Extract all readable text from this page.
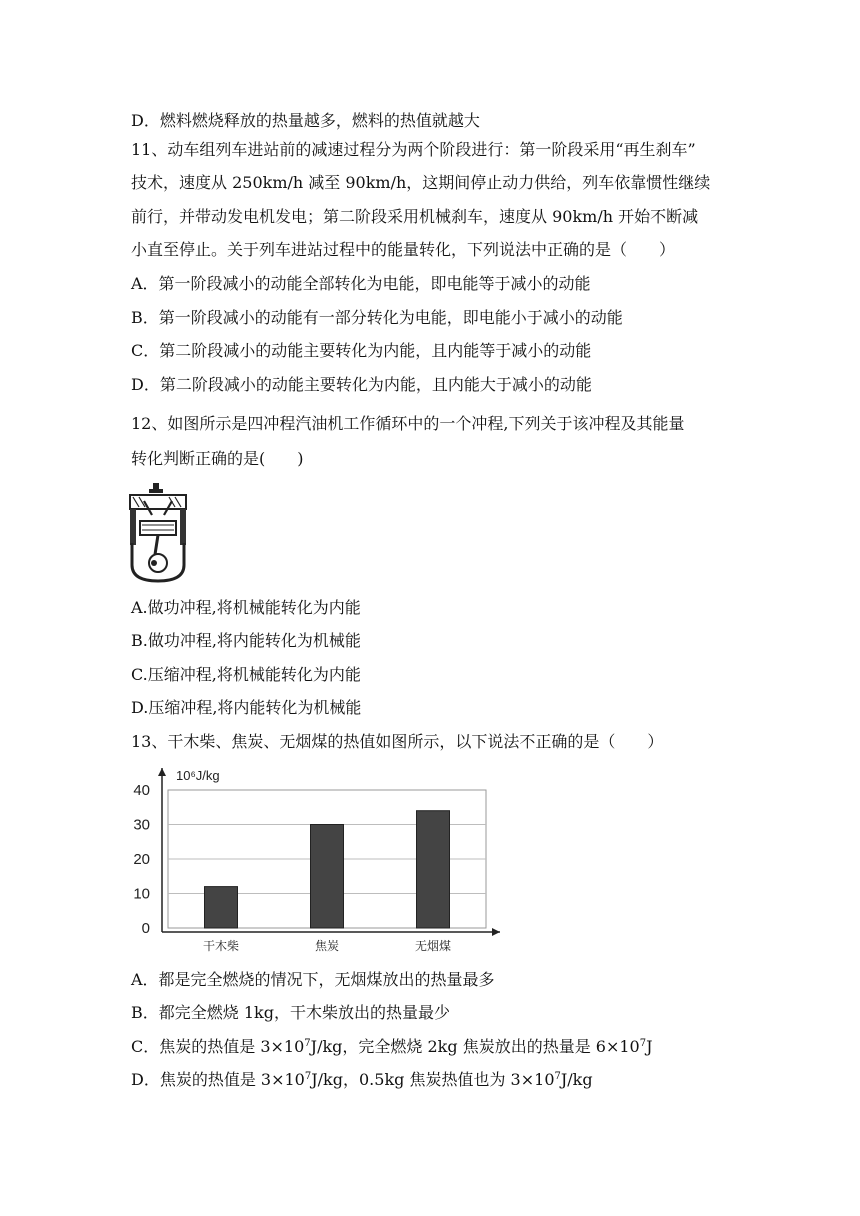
D．燃料燃烧释放的热量越多，燃料的热值就越大
11、动车组列车进站前的减速过程分为两个阶段进行：第一阶段采用“再生刹车”
技术，速度从 250km/h 减至 90km/h，这期间停止动力供给，列车依靠惯性继续
前行，并带动发电机发电；第二阶段采用机械刹车，速度从 90km/h 开始不断减
小直至停止。关于列车进站过程中的能量转化，下列说法中正确的是（　　）
A．第一阶段减小的动能全部转化为电能，即电能等于减小的动能
B．第一阶段减小的动能有一部分转化为电能，即电能小于减小的动能
C．第二阶段减小的动能主要转化为内能，且内能等于减小的动能
D．第二阶段减小的动能主要转化为内能，且内能大于减小的动能
12、如图所示是四冲程汽油机工作循环中的一个冲程,下列关于该冲程及其能量
转化判断正确的是(　　)
A.做功冲程,将机械能转化为内能
B.做功冲程,将内能转化为机械能
C.压缩冲程,将机械能转化为内能
D.压缩冲程,将内能转化为机械能
13、干木柴、焦炭、无烟煤的热值如图所示，以下说法不正确的是（　　）
0
10
20
30
40
干木柴	焦炭	无烟煤
10⁶J/kg
A．都是完全燃烧的情况下，无烟煤放出的热量最多
B．都完全燃烧 1kg，干木柴放出的热量最少
C．焦炭的热值是 $3\times 10^7J/kg$，完全燃烧 2kg 焦炭放出的热量是 $6\times 10^7J$
D．焦炭的热值是 $3\times 10^7J/kg$，0.5kg 焦炭热值也为 $3\times 10^7J/kg$
